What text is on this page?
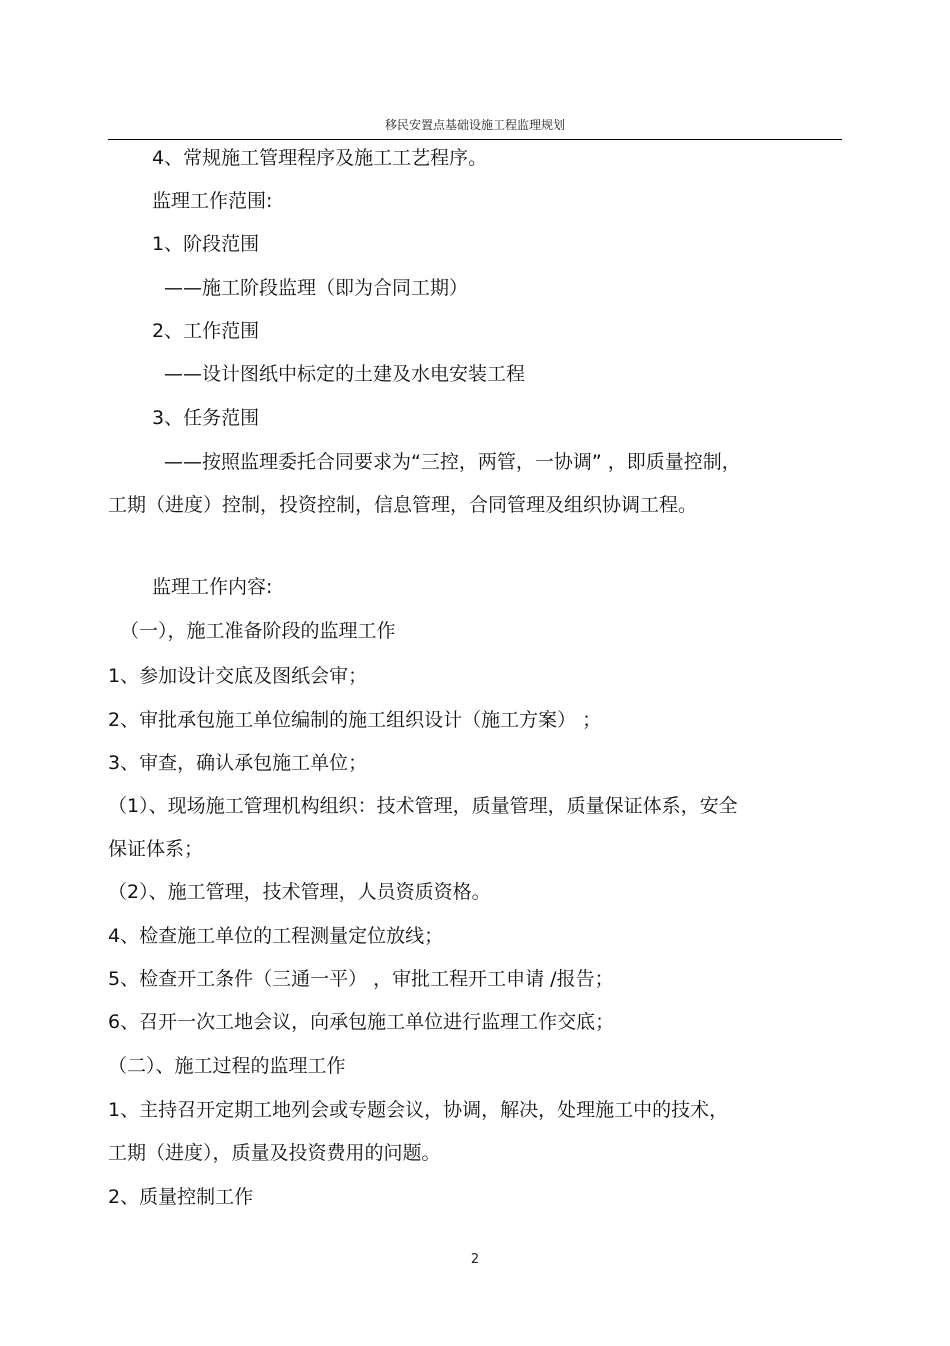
移民安置点基础设施工程监理规划
4、常规施工管理程序及施工工艺程序。
监理工作范围:
1、阶段范围
——施工阶段监理（即为合同工期）
2、工作范围
——设计图纸中标定的土建及水电安装工程
3、任务范围
——按照监理委托合同要求为“三控，两管，一协调” ，即质量控制，
工期（进度）控制，投资控制，信息管理，合同管理及组织协调工程。
监理工作内容:
（一），施工准备阶段的监理工作
1、参加设计交底及图纸会审；
2、审批承包施工单位编制的施工组织设计（施工方案） ；
3、审查，确认承包施工单位；
（1）、现场施工管理机构组织：技术管理，质量管理，质量保证体系，安全
保证体系；
（2）、施工管理，技术管理，人员资质资格。
4、检查施工单位的工程测量定位放线；
5、检查开工条件（三通一平） ，审批工程开工申请 /报告；
6、召开一次工地会议，向承包施工单位进行监理工作交底；
（二）、施工过程的监理工作
1、主持召开定期工地列会或专题会议，协调，解决，处理施工中的技术，
工期（进度），质量及投资费用的问题。
2、质量控制工作
2
